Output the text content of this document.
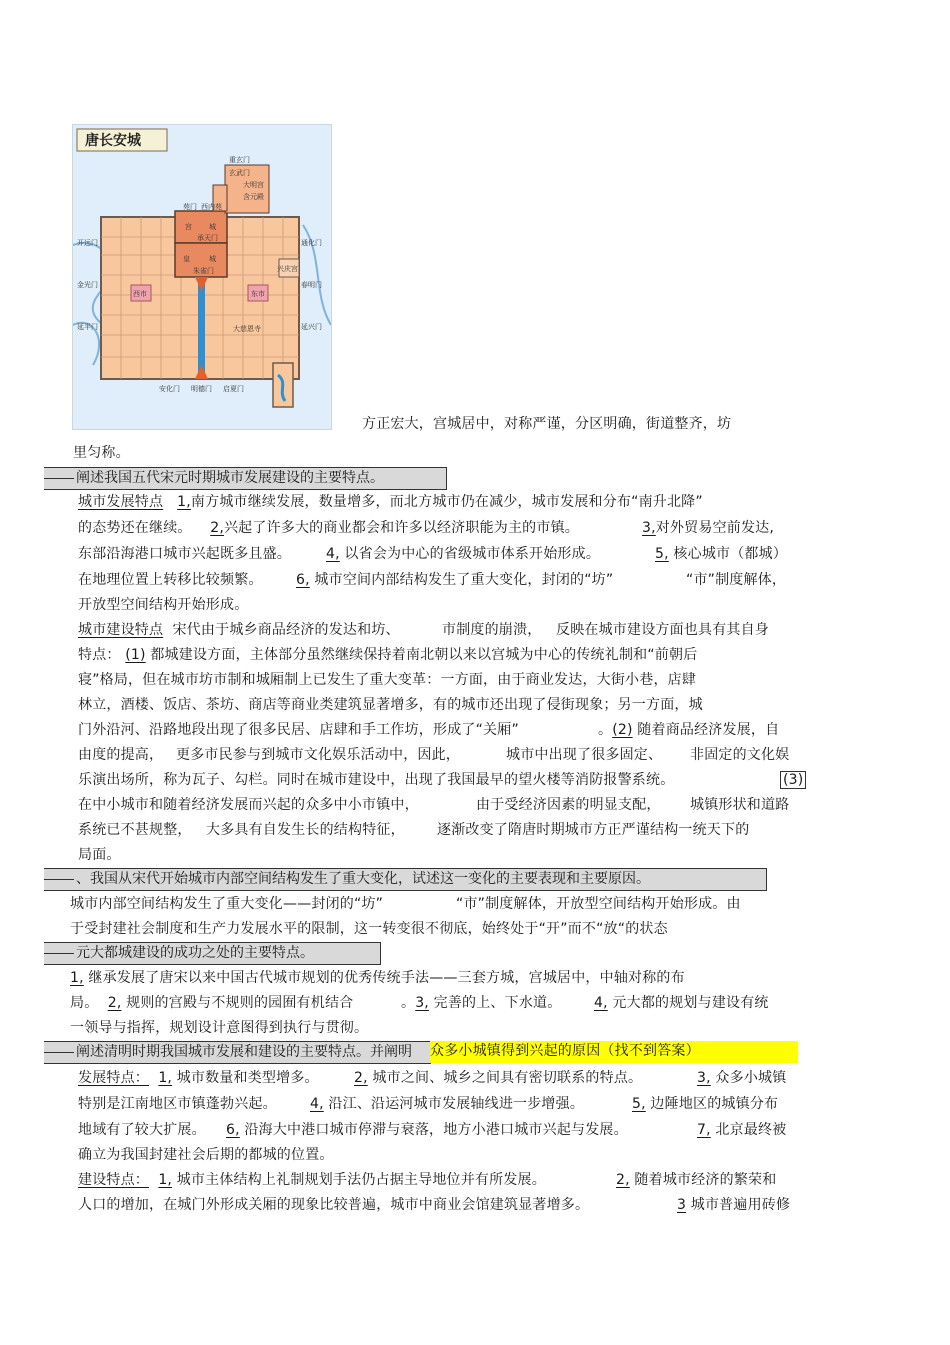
唐长安城
重玄门
玄武门
大明宫
含元殿
西内苑
苑门
宫 城
承天门
皇	城
朱雀门
开远门	通化门
兴庆宫
金光门	春明门
西市	东市
延平门	延兴门
大慈恩寺
安化门 明德门 启夏门
方正宏大，宫城居中，对称严谨，分区明确，街道整齐，坊
里匀称。
阐述我国五代宋元时期城市发展建设的主要特点。
城市发展特点 1,南方城市继续发展，数量增多，而北方城市仍在减少，城市发展和分布“南升北降”
的态势还在继续。 2,兴起了许多大的商业都会和许多以经济职能为主的市镇。	3,对外贸易空前发达,
东部沿海港口城市兴起既多且盛。	4, 以省会为中心的省级城市体系开始形成。	5, 核心城市（都城）
在地理位置上转移比较频繁。 6, 城市空间内部结构发生了重大变化，封闭的“坊”	“市”制度解体，
开放型空间结构开始形成。
城市建设特点 宋代由于城乡商品经济的发达和坊、	市制度的崩溃， 反映在城市建设方面也具有其自身
特点： (1) 都城建设方面，主体部分虽然继续保持着南北朝以来以宫城为中心的传统礼制和“前朝后
寝”格局，但在城市坊市制和城厢制上已发生了重大变革：一方面，由于商业发达，大街小巷，店肆
林立，酒楼、饭店、茶坊、商店等商业类建筑显著增多，有的城市还出现了侵街现象；另一方面，城
门外沿河、沿路地段出现了很多民居、店肆和手工作坊，形成了“关厢”	。(2) 随着商品经济发展，自
由度的提高， 更多市民参与到城市文化娱乐活动中，因此，	城市中出现了很多固定、 非固定的文化娱
乐演出场所，称为瓦子、勾栏。同时在城市建设中，出现了我国最早的望火楼等消防报警系统。	(3)
在中小城市和随着经济发展而兴起的众多中小市镇中，	由于受经济因素的明显支配， 城镇形状和道路
系统已不甚规整， 大多具有自发生长的结构特征， 逐渐改变了隋唐时期城市方正严谨结构一统天下的
局面。
、我国从宋代开始城市内部空间结构发生了重大变化，试述这一变化的主要表现和主要原因。
城市内部空间结构发生了重大变化——封闭的“坊”	“市”制度解体，开放型空间结构开始形成。由
于受封建社会制度和生产力发展水平的限制，这一转变很不彻底，始终处于“开”而不“放“的状态
元大都城建设的成功之处的主要特点。
1, 继承发展了唐宋以来中国古代城市规划的优秀传统手法——三套方城，宫城居中，中轴对称的布
局。 2, 规则的宫殿与不规则的园囿有机结合	。3, 完善的上、下水道。 4, 元大都的规划与建设有统
一领导与指挥，规划设计意图得到执行与贯彻。
阐述清明时期我国城市发展和建设的主要特点。并阐明 众多小城镇得到兴起的原因（找不到答案）
发展特点： 1, 城市数量和类型增多。	2, 城市之间、城乡之间具有密切联系的特点。	3, 众多小城镇
特别是江南地区市镇蓬勃兴起。 4, 沿江、沿运河城市发展轴线进一步增强。	5, 边陲地区的城镇分布
地域有了较大扩展。 6, 沿海大中港口城市停滞与衰落，地方小港口城市兴起与发展。	7, 北京最终被
确立为我国封建社会后期的都城的位置。
建设特点： 1, 城市主体结构上礼制规划手法仍占据主导地位并有所发展。	2, 随着城市经济的繁荣和
人口的增加，在城门外形成关厢的现象比较普遍，城市中商业会馆建筑显著增多。	3 城市普遍用砖修
